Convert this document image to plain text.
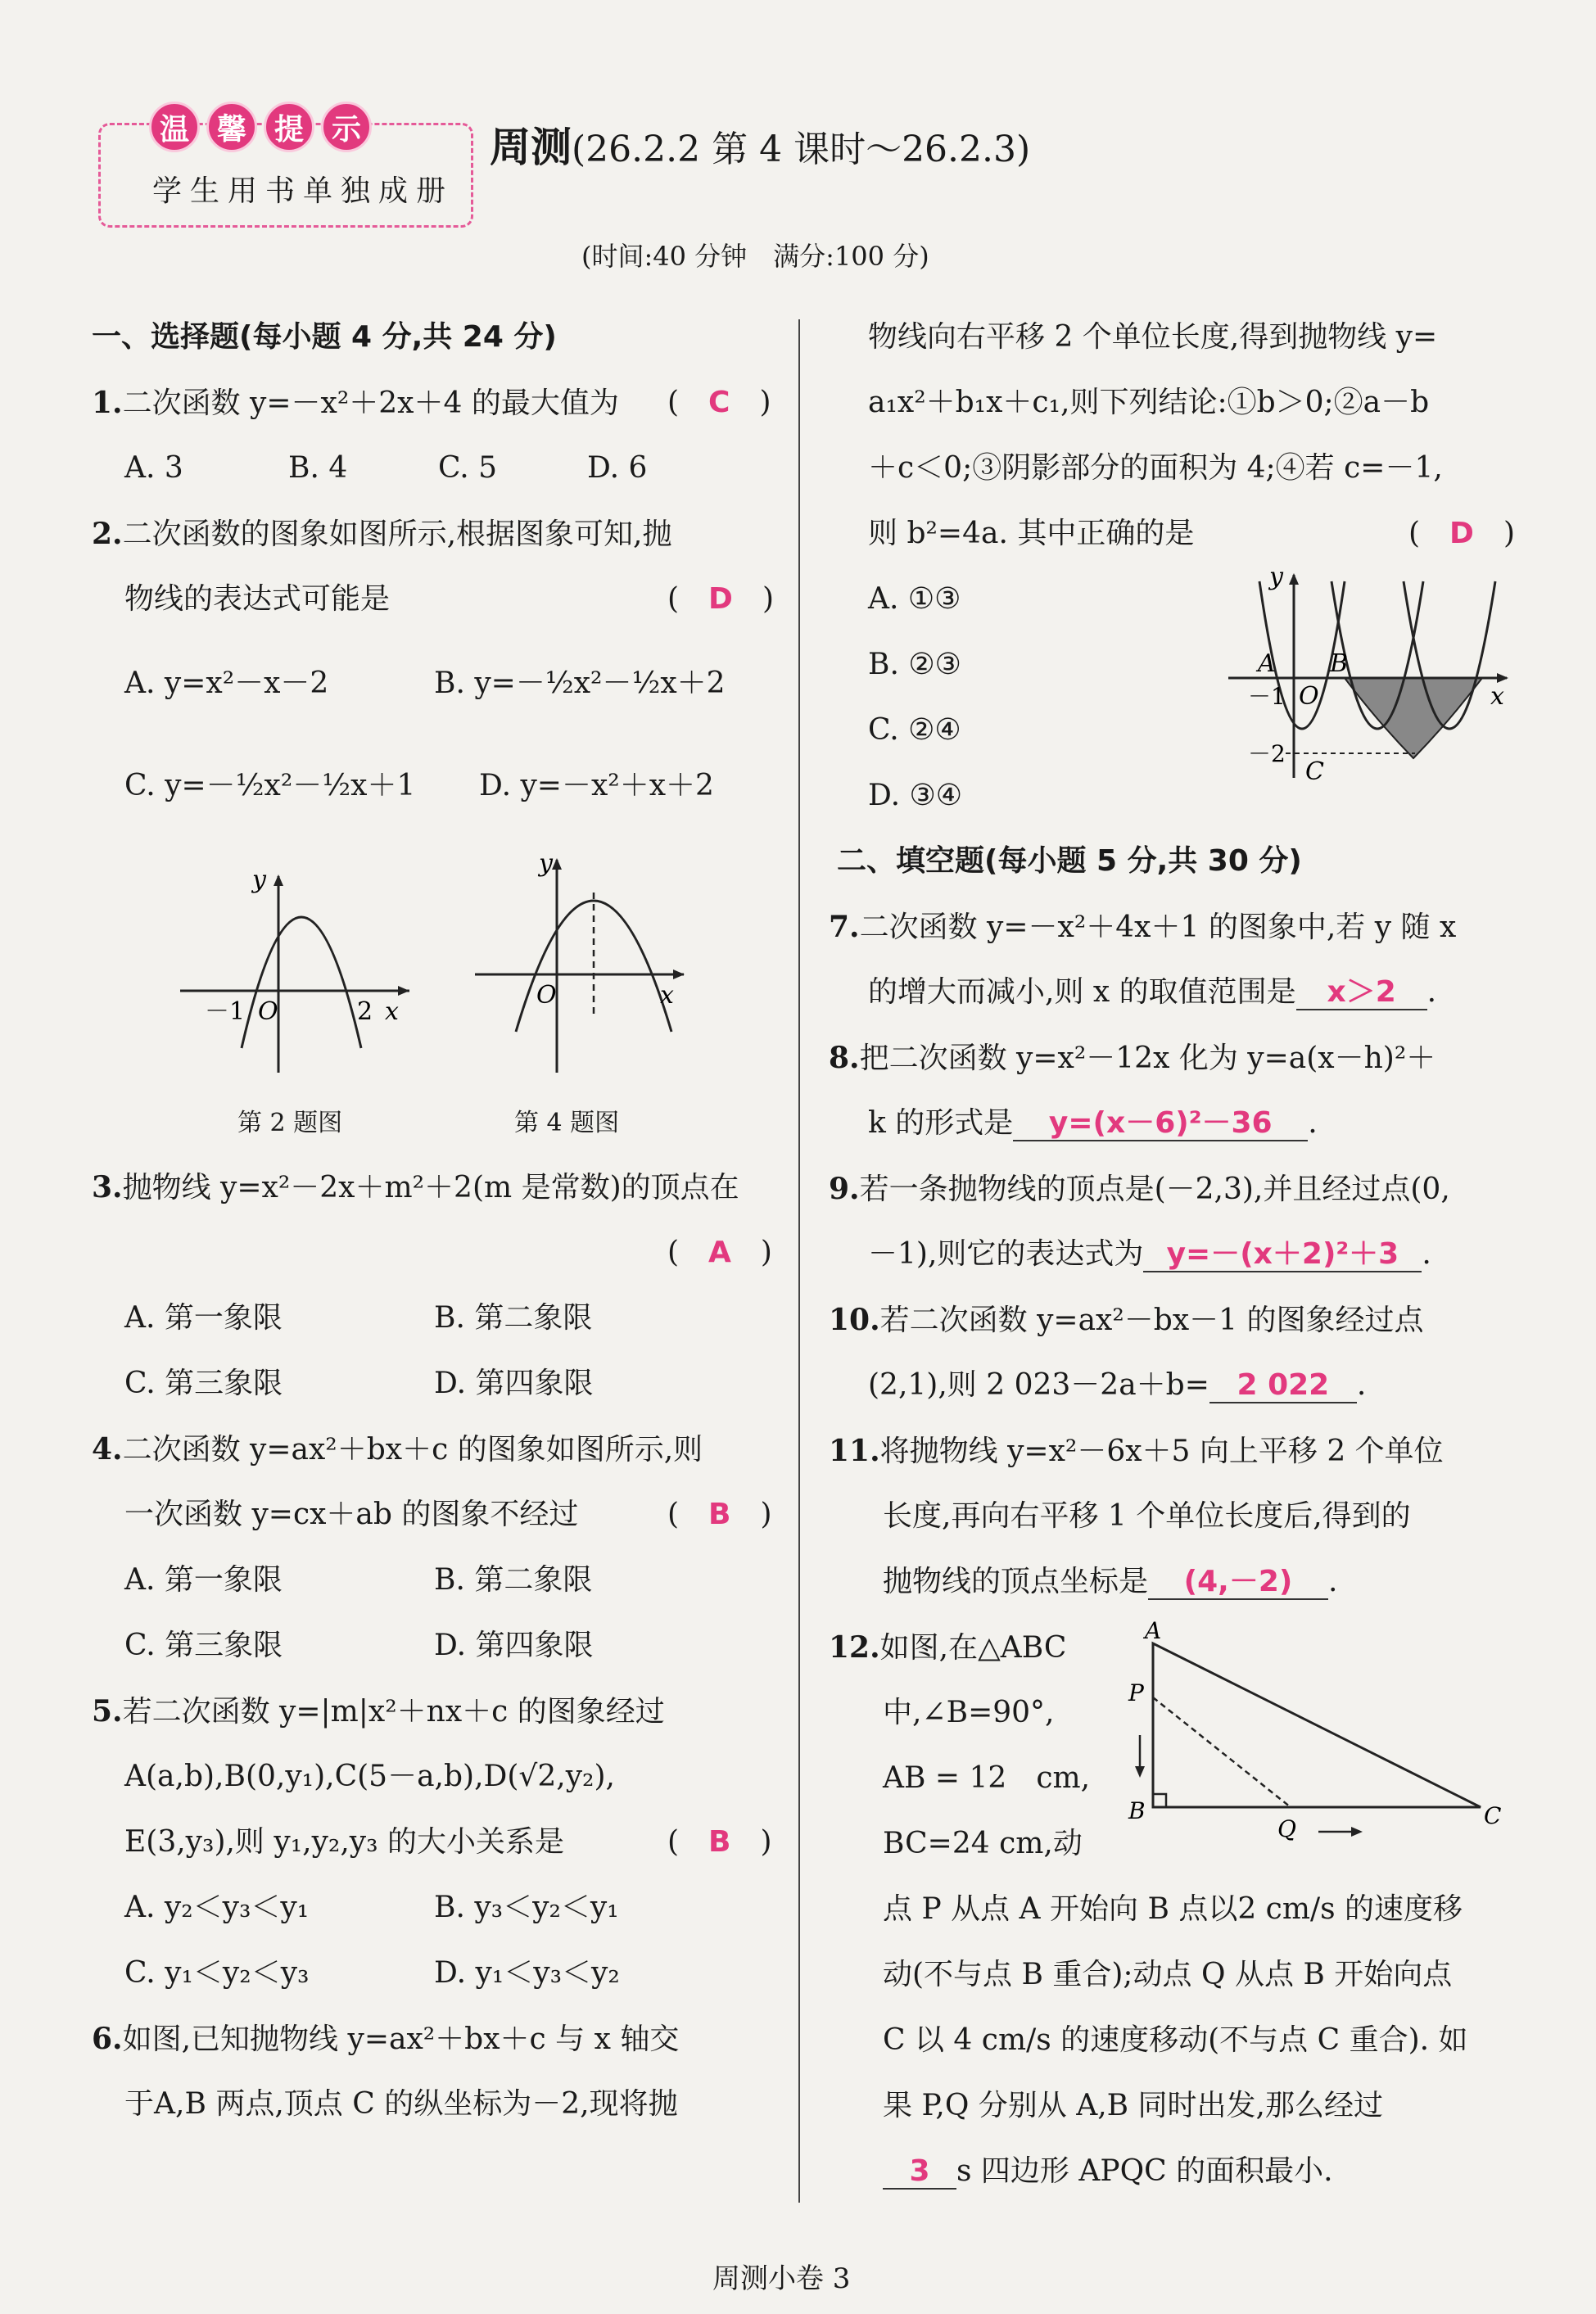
温 馨 提 示
学生用书单独成册
周测(26.2.2 第 4 课时～26.2.3)
(时间:40 分钟　满分:100 分)
一、选择题(每小题 4 分,共 24 分)
1.二次函数 y=－x²＋2x＋4 的最大值为 (　C　)
A. 3	B. 4	C. 5	D. 6
2.二次函数的图象如图所示,根据图象可知,抛
物线的表达式可能是	(　D　)
A. y=x²－x－2	B. y=－½x²－½x＋2
C. y=－½x²－½x＋1 D. y=－x²＋x＋2
y
x
O
－1	2
第 2 题图
y
x
O
第 4 题图
3.抛物线 y=x²－2x＋m²＋2(m 是常数)的顶点在
(　A　)
A. 第一象限	B. 第二象限
C. 第三象限	D. 第四象限
4.二次函数 y=ax²＋bx＋c 的图象如图所示,则
一次函数 y=cx＋ab 的图象不经过	(　B　)
A. 第一象限	B. 第二象限
C. 第三象限	D. 第四象限
5.若二次函数 y=|m|x²＋nx＋c 的图象经过
A(a,b),B(0,y₁),C(5－a,b),D(√2,y₂),
E(3,y₃),则 y₁,y₂,y₃ 的大小关系是	(　B　)
A. y₂＜y₃＜y₁	B. y₃＜y₂＜y₁
C. y₁＜y₂＜y₃	D. y₁＜y₃＜y₂
6.如图,已知抛物线 y=ax²＋bx＋c 与 x 轴交
于A,B 两点,顶点 C 的纵坐标为－2,现将抛
物线向右平移 2 个单位长度,得到抛物线 y=
a₁x²＋b₁x＋c₁,则下列结论:①b＞0;②a－b
＋c＜0;③阴影部分的面积为 4;④若 c=－1,
则 b²=4a. 其中正确的是	(　D　)
A. ①③
B. ②③
C. ②④
D. ③④
y
x
O
A B
－1
－2
C
二、填空题(每小题 5 分,共 30 分)
7.二次函数 y=－x²＋4x＋1 的图象中,若 y 随 x
的增大而减小,则 x 的取值范围是 x＞2 .
8.把二次函数 y=x²－12x 化为 y=a(x－h)²＋
k 的形式是 y=(x－6)²－36 .
9.若一条抛物线的顶点是(－2,3),并且经过点(0,
－1),则它的表达式为 y=－(x＋2)²＋3 .
10.若二次函数 y=ax²－bx－1 的图象经过点
(2,1),则 2 023－2a＋b= 2 022 .
11.将抛物线 y=x²－6x＋5 向上平移 2 个单位
长度,再向右平移 1 个单位长度后,得到的
抛物线的顶点坐标是 (4,－2) .
12.如图,在△ABC
中,∠B=90°,
AB = 12　cm,
BC=24 cm,动
A
P
B
Q	C
点 P 从点 A 开始向 B 点以2 cm/s 的速度移
动(不与点 B 重合);动点 Q 从点 B 开始向点
C 以 4 cm/s 的速度移动(不与点 C 重合). 如
果 P,Q 分别从 A,B 同时出发,那么经过
3 s 四边形 APQC 的面积最小.
周测小卷 3
